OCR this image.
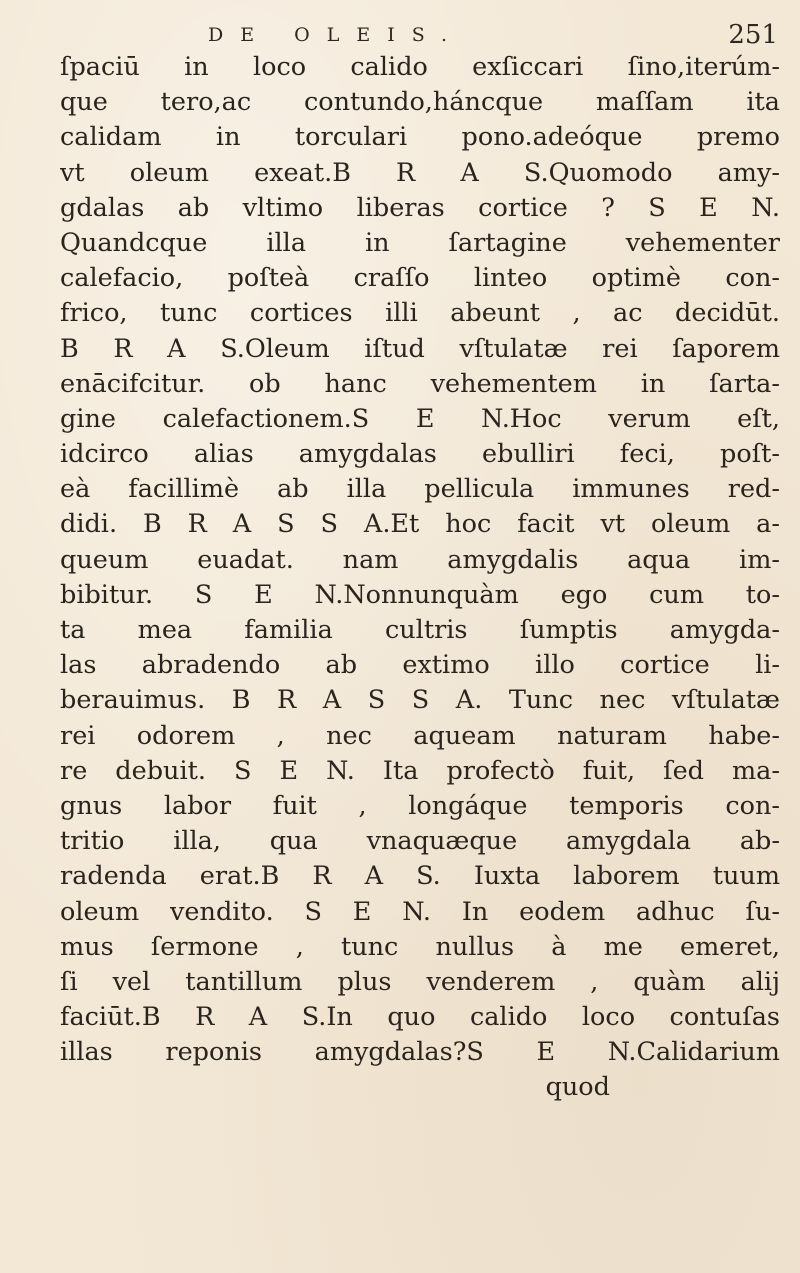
DE OLEIS.	251
ſpaciū in loco calido exſiccari ſino,iterúm-
que tero,ac contundo,háncque maſſam ita
calidam in torculari pono.adeóque premo
vt oleum exeat.B R A S.Quomodo amy-
gdalas ab vltimo liberas cortice ? S E N.
Quandcque illa in ſartagine vehementer
calefacio, poſteà craſſo linteo optimè con-
frico, tunc cortices illi abeunt , ac decidūt.
B R A S.Oleum iſtud vſtulatæ rei ſaporem
enācifcitur. ob hanc vehementem in ſarta-
gine calefactionem.S E N.Hoc verum eſt,
idcirco alias amygdalas ebulliri feci, poſt-
eà facillimè ab illa pellicula immunes red-
didi. B R A S S A.Et hoc facit vt oleum a-
queum euadat. nam amygdalis aqua im-
bibitur. S E N.Nonnunquàm ego cum to-
ta mea familia cultris ſumptis amygda-
las abradendo ab extimo illo cortice li-
berauimus. B R A S S A. Tunc nec vſtulatæ
rei odorem , nec aqueam naturam habe-
re debuit. S E N. Ita profectò fuit, ſed ma-
gnus labor fuit , longáque temporis con-
tritio illa, qua vnaquæque amygdala ab-
radenda erat.B R A S. Iuxta laborem tuum
oleum vendito. S E N. In eodem adhuc ſu-
mus ſermone , tunc nullus à me emeret,
ſi vel tantillum plus venderem , quàm alij
faciūt.B R A S.In quo calido loco contuſas
illas reponis amygdalas?S E N.Calidarium
quod
